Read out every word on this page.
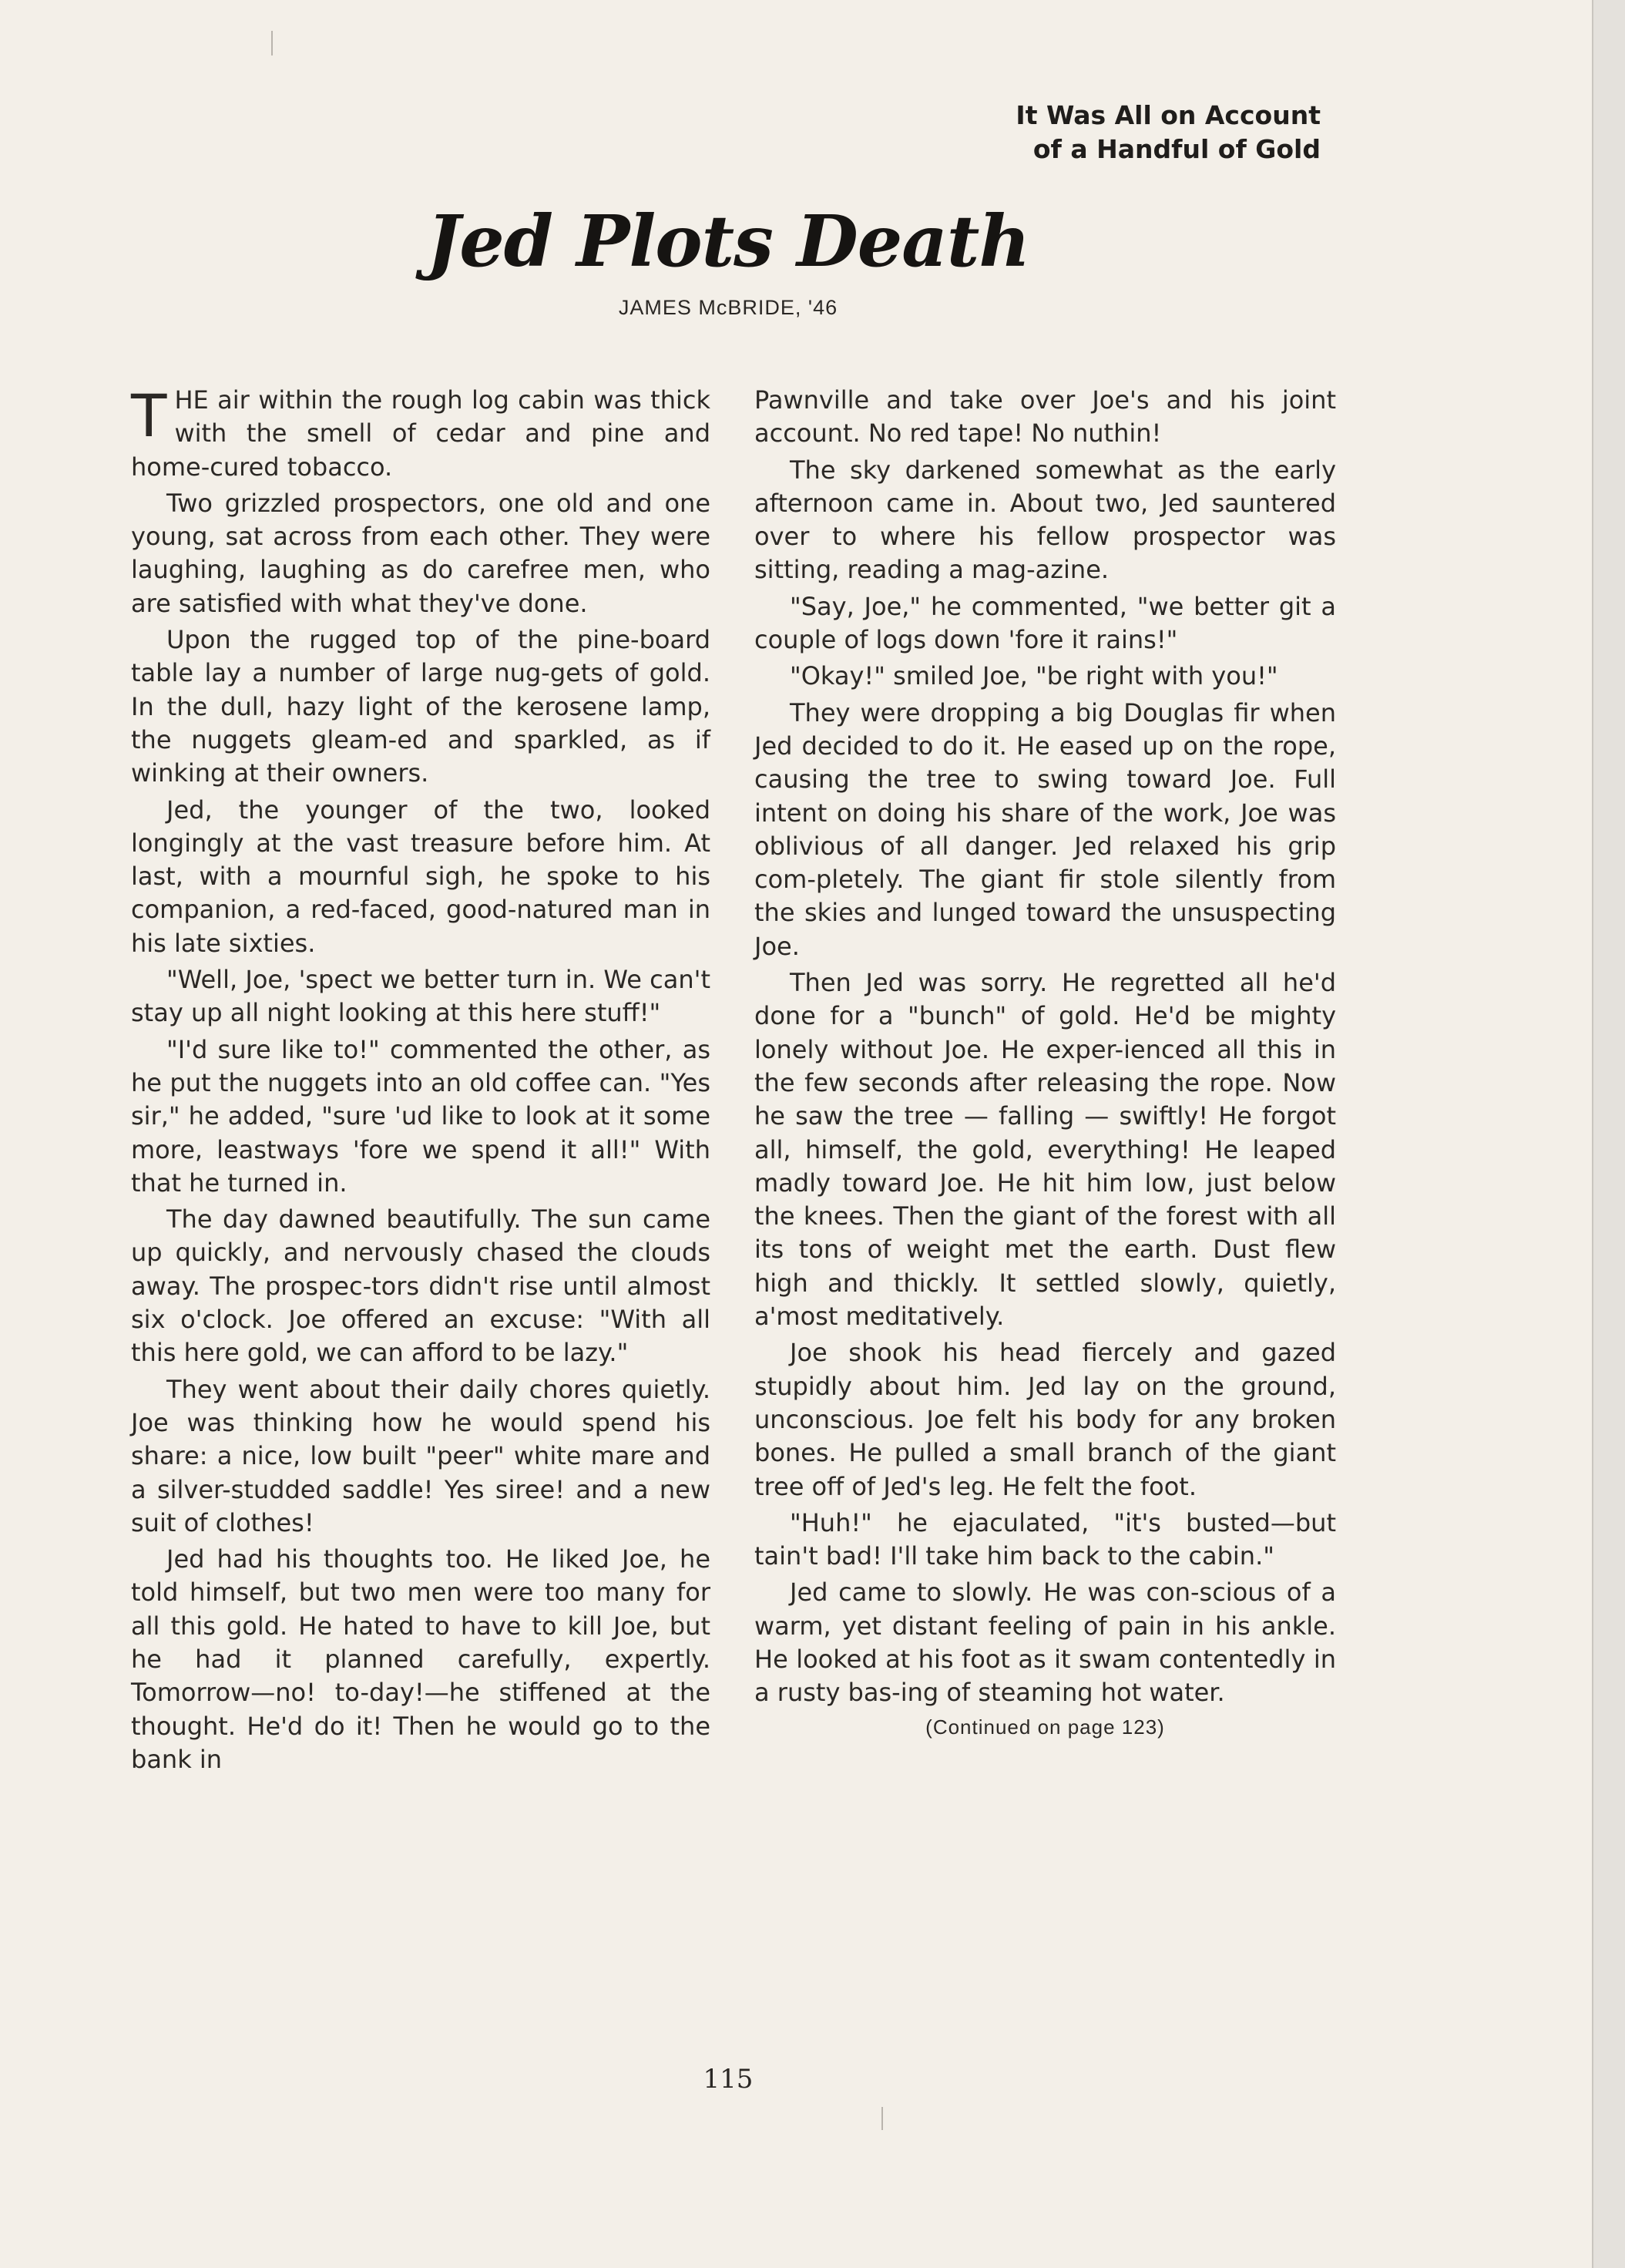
It Was All on Account
of a Handful of Gold
Jed Plots Death
JAMES McBRIDE, '46

THE air within the rough log cabin was thick with the smell of cedar and pine and home-cured tobacco.

Two grizzled prospectors, one old and one young, sat across from each other. They were laughing, laughing as do carefree men, who are satisfied with what they've done.

Upon the rugged top of the pine-board table lay a number of large nug-gets of gold. In the dull, hazy light of the kerosene lamp, the nuggets gleam-ed and sparkled, as if winking at their owners.

Jed, the younger of the two, looked longingly at the vast treasure before him. At last, with a mournful sigh, he spoke to his companion, a red-faced, good-natured man in his late sixties.

"Well, Joe, 'spect we better turn in. We can't stay up all night looking at this here stuff!"

"I'd sure like to!" commented the other, as he put the nuggets into an old coffee can. "Yes sir," he added, "sure 'ud like to look at it some more, leastways 'fore we spend it all!" With that he turned in.

The day dawned beautifully. The sun came up quickly, and nervously chased the clouds away. The prospec-tors didn't rise until almost six o'clock. Joe offered an excuse: "With all this here gold, we can afford to be lazy."

They went about their daily chores quietly. Joe was thinking how he would spend his share: a nice, low built "peer" white mare and a silver-studded saddle! Yes siree! and a new suit of clothes!

Jed had his thoughts too. He liked Joe, he told himself, but two men were too many for all this gold. He hated to have to kill Joe, but he had it planned carefully, expertly. Tomorrow—no! to-day!—he stiffened at the thought. He'd do it! Then he would go to the bank in

Pawnville and take over Joe's and his joint account. No red tape! No nuthin!

The sky darkened somewhat as the early afternoon came in. About two, Jed sauntered over to where his fellow prospector was sitting, reading a mag-azine.

"Say, Joe," he commented, "we better git a couple of logs down 'fore it rains!"

"Okay!" smiled Joe, "be right with you!"

They were dropping a big Douglas fir when Jed decided to do it. He eased up on the rope, causing the tree to swing toward Joe. Full intent on doing his share of the work, Joe was oblivious of all danger. Jed relaxed his grip com-pletely. The giant fir stole silently from the skies and lunged toward the unsuspecting Joe.

Then Jed was sorry. He regretted all he'd done for a "bunch" of gold. He'd be mighty lonely without Joe. He exper-ienced all this in the few seconds after releasing the rope. Now he saw the tree — falling — swiftly! He forgot all, himself, the gold, everything! He leaped madly toward Joe. He hit him low, just below the knees. Then the giant of the forest with all its tons of weight met the earth. Dust flew high and thickly. It settled slowly, quietly, a'most meditatively.

Joe shook his head fiercely and gazed stupidly about him. Jed lay on the ground, unconscious. Joe felt his body for any broken bones. He pulled a small branch of the giant tree off of Jed's leg. He felt the foot.

"Huh!" he ejaculated, "it's busted—but tain't bad! I'll take him back to the cabin."

Jed came to slowly. He was con-scious of a warm, yet distant feeling of pain in his ankle. He looked at his foot as it swam contentedly in a rusty bas-ing of steaming hot water.

(Continued on page 123)
115
